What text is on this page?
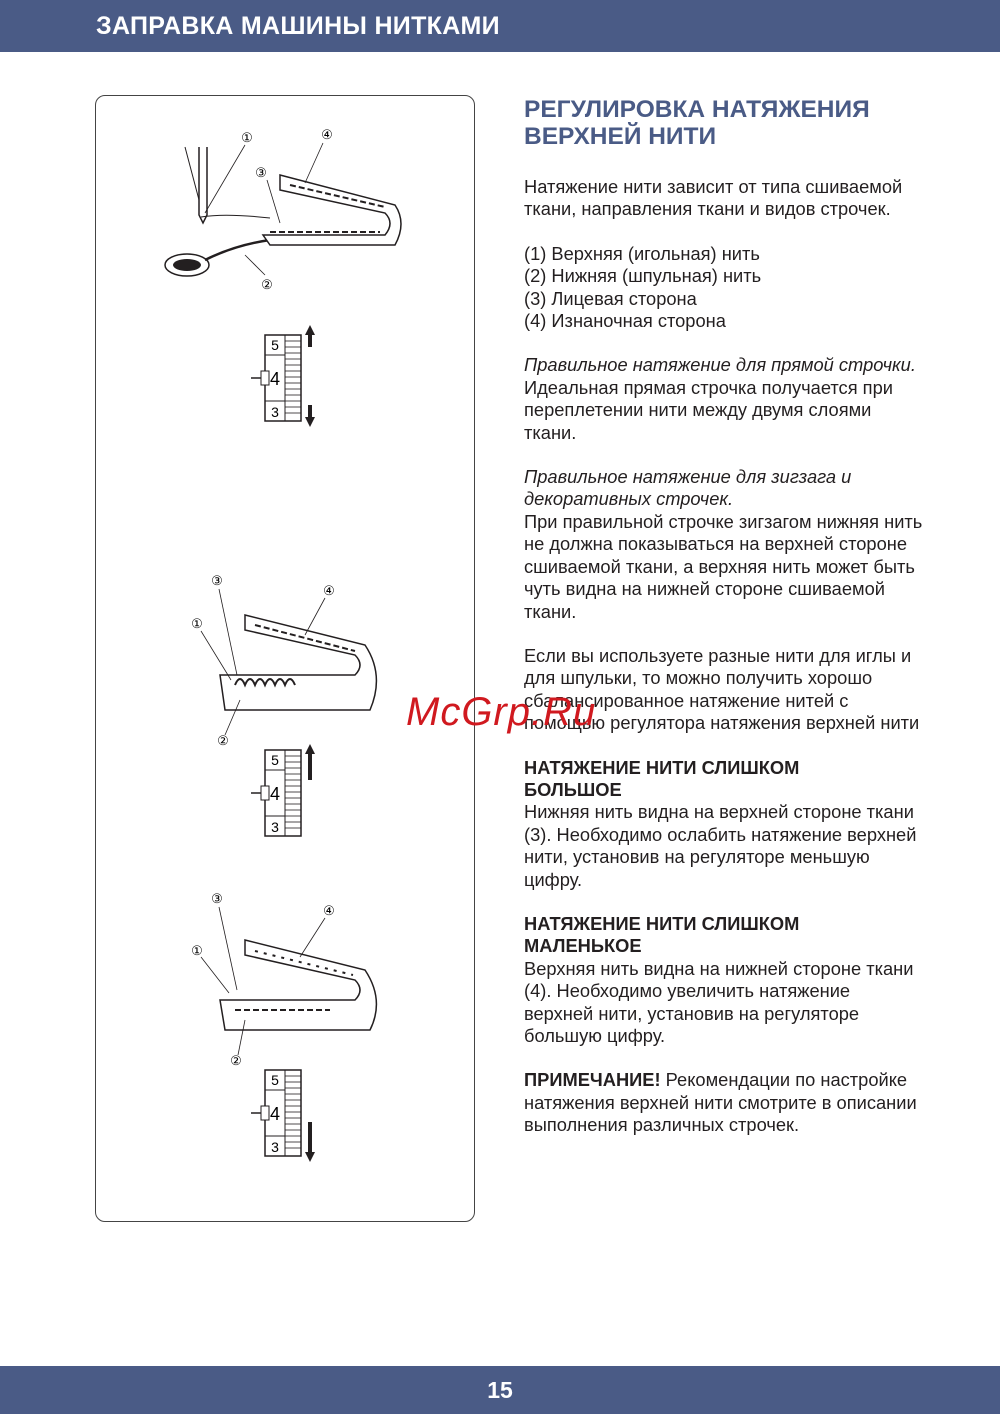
ЗАПРАВКА МАШИНЫ НИТКАМИ
①	④
③
②
5
4
3
③
④
①
②
5
4
3
③
④
①
②
5
4
3
РЕГУЛИРОВКА НАТЯЖЕНИЯ
ВЕРХНЕЙ НИТИ
Натяжение нити зависит от типа сшиваемой ткани, направления ткани и видов строчек.
(1) Верхняя (игольная) нить
(2) Нижняя (шпульная) нить
(3) Лицевая сторона
(4) Изнаночная сторона
Правильное натяжение для прямой строчки.
Идеальная прямая строчка получается при переплетении нити между двумя слоями ткани.
Правильное натяжение для зигзага и декоративных строчек.
При правильной строчке зигзагом нижняя нить не должна показываться на верхней стороне сшиваемой ткани, а верхняя нить может быть чуть видна на нижней стороне сшиваемой ткани.
Если вы используете разные нити для иглы и для шпульки, то можно получить хорошо сбалансированное натяжение нитей с помощью регулятора натяжения верхней нити
НАТЯЖЕНИЕ НИТИ СЛИШКОМ
БОЛЬШОЕ
Нижняя нить видна на верхней стороне ткани (3). Необходимо ослабить натяжение верхней нити, установив на регуляторе меньшую цифру.
НАТЯЖЕНИЕ НИТИ СЛИШКОМ
МАЛЕНЬКОЕ
Верхняя нить видна на нижней стороне ткани (4). Необходимо увеличить натяжение верхней нити, установив на регуляторе большую цифру.
ПРИМЕЧАНИЕ! Рекомендации по настройке натяжения верхней нити смотрите в описании выполнения различных строчек.
McGrp.Ru
15
